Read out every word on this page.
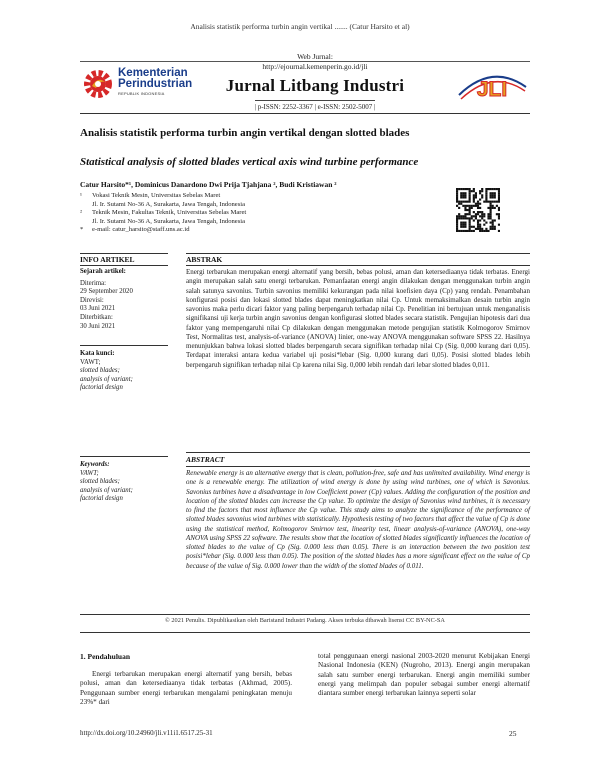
Analisis statistik performa turbin angin vertikal ....... (Catur Harsito et al)
Kementerian
Perindustrian
REPUBLIK INDONESIA
Web Jurnal:
http://ejournal.kemenperin.go.id/jli
Jurnal Litbang Industri
| p-ISSN: 2252-3367 | e-ISSN: 2502-5007 |
JLI
Analisis statistik performa turbin angin vertikal dengan slotted blades
Statistical analysis of slotted blades vertical axis wind turbine performance
Catur Harsito*¹, Dominicus Danardono Dwi Prija Tjahjana ², Budi Kristiawan ²
¹	Vokasi Teknik Mesin, Universitas Sebelas Maret
Jl. Ir. Sutami No-36 A, Surakarta, Jawa Tengah, Indonesia
²	Teknik Mesin, Fakultas Teknik, Universitas Sebelas Maret
Jl. Ir. Sutami No-36 A, Surakarta, Jawa Tengah, Indonesia
*	e-mail: catur_harsito@staff.uns.ac.id
INFO ARTIKEL
Sejarah artikel:
Diterima:
29 September 2020
Direvisi:
03 Juni 2021
Diterbitkan:
30 Juni 2021
Kata kunci:
VAWT;
slotted blades;
analysis of variant;
factorial design
Keywords:
VAWT;
slotted blades;
analysis of variant;
factorial design
ABSTRAK
Energi terbarukan merupakan energi alternatif yang bersih, bebas polusi, aman dan ketersediaanya tidak terbatas. Energi angin merupakan salah satu energi terbarukan. Pemanfaatan energi angin dilakukan dengan menggunakan turbin angin salah satunya savonius. Turbin savonius memiliki kekurangan pada nilai koefisien daya (Cp) yang rendah. Penambahan konfigurasi posisi dan lokasi slotted blades dapat meningkatkan nilai Cp. Untuk memaksimalkan desain turbin angin savonius maka perlu dicari faktor yang paling berpengaruh terhadap nilai Cp. Penelitian ini bertujuan untuk menganalisis signifikansi uji kerja turbin angin savonius dengan konfigurasi slotted blades secara statistik. Pengujian hipotesis dari dua faktor yang mempengaruhi nilai Cp dilakukan dengan menggunakan metode pengujian statistik Kolmogorov Smirnov Test, Normalitas test, analysis-of-variance (ANOVA) linier, one-way ANOVA menggunakan software SPSS 22. Hasilnya menunjukkan bahwa lokasi slotted blades berpengaruh secara signifikan terhadap nilai Cp (Sig. 0,000 kurang dari 0,05). Terdapat interaksi antara kedua variabel uji posisi*lebar (Sig. 0,000 kurang dari 0,05). Posisi slotted blades lebih berpengaruh signifikan terhadap nilai Cp karena nilai Sig. 0,000 lebih rendah dari lebar slotted blades 0,011.
ABSTRACT
Renewable energy is an alternative energy that is clean, pollution-free, safe and has unlimited availability. Wind energy is one is a renewable energy. The utilization of wind energy is done by using wind turbines, one of which is Savonius. Savonius turbines have a disadvantage in low Coefficient power (Cp) values. Adding the configuration of the position and location of the slotted blades can increase the Cp value. To optimize the design of Savonius wind turbines, it is necessary to find the factors that most influence the Cp value. This study aims to analyze the significance of the performance of slotted blades savonius wind turbines with statistically. Hypothesis testing of two factors that affect the value of Cp is done using the statistical method, Kolmogorov Smirnov test, linearity test, linear analysis-of-variance (ANOVA), one-way ANOVA using SPSS 22 software. The results show that the location of slotted blades significantly influences the location of slotted blades to the value of Cp (Sig. 0.000 less than 0.05). There is an interaction between the two position test posisi*lebar (Sig. 0.000 less than 0.05). The position of the slotted blades has a more significant effect on the value of Cp because of the value of Sig. 0.000 lower than the width of the slotted blades of 0.011.
© 2021 Penulis. Dipublikasikan oleh Baristand Industri Padang. Akses terbuka dibawah lisensi CC BY-NC-SA
1. Pendahuluan
Energi terbarukan merupakan energi alternatif yang bersih, bebas polusi, aman dan ketersediaanya tidak terbatas (Akhmad, 2005). Penggunaan sumber energi terbarukan mengalami peningkatan menuju 23%* dari
total penggunaan energi nasional 2003-2020 menurut Kebijakan Energi Nasional Indonesia (KEN) (Nugroho, 2013). Energi angin merupakan salah satu sumber energi terbarukan. Energi angin memiliki sumber energi yang melimpah dan populer sebagai sumber energi alternatif diantara sumber energi terbarukan lainnya seperti solar
http://dx.doi.org/10.24960/jli.v11i1.6517.25-31	25
